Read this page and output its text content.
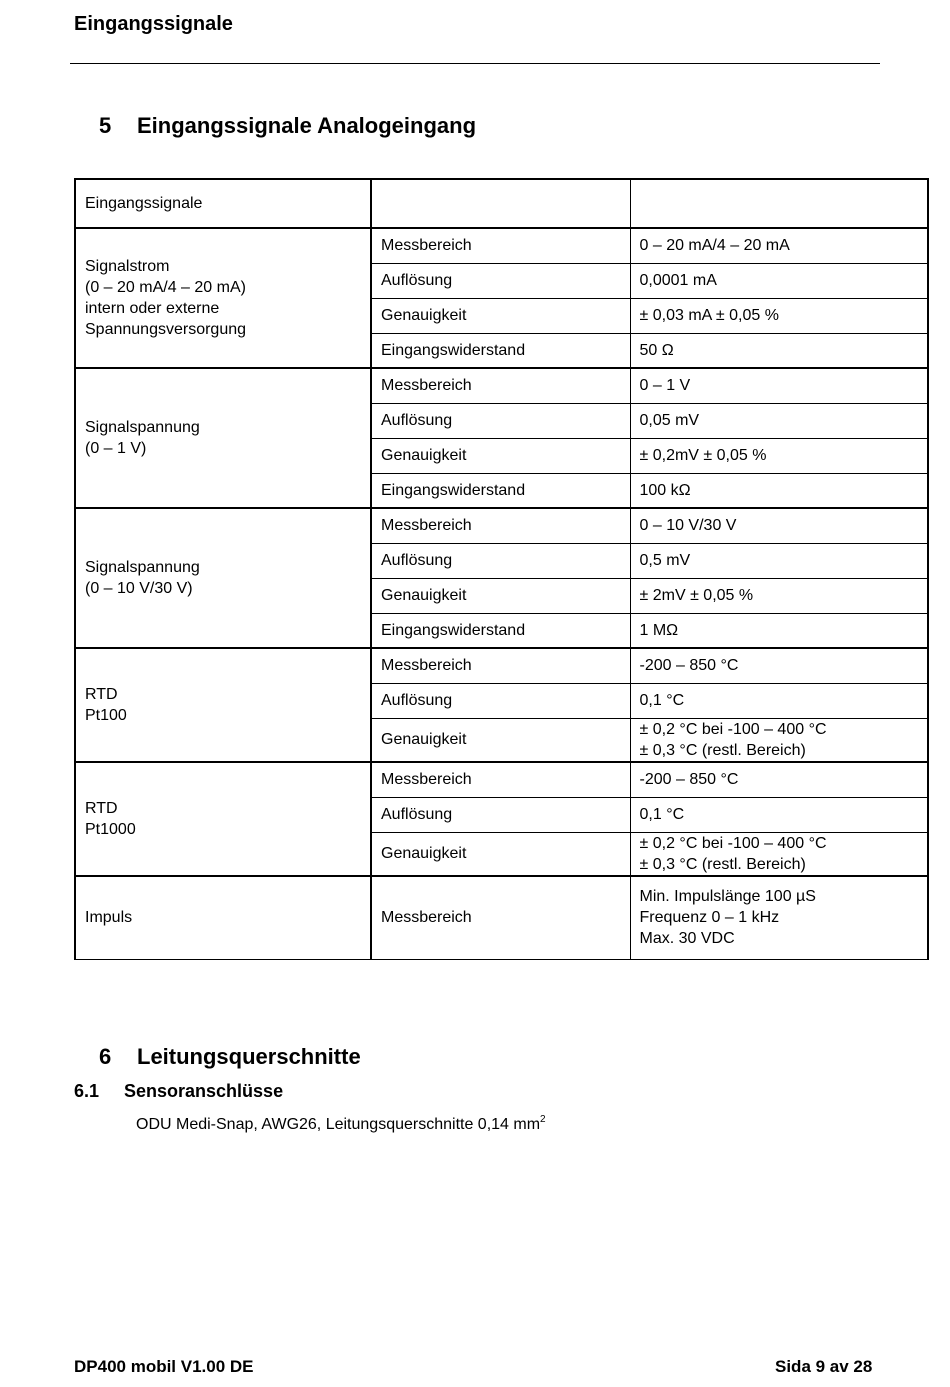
Eingangssignale
5 Eingangssignale Analogeingang
Eingangssignale		
Signalstrom
(0 – 20 mA/4 – 20 mA)
intern oder externe
Spannungsversorgung	Messbereich	0 – 20 mA/4 – 20 mA
	Auflösung	0,0001 mA
	Genauigkeit	± 0,03 mA ± 0,05 %
	Eingangswiderstand	50 Ω
Signalspannung
(0 – 1 V)	Messbereich	0 – 1 V
	Auflösung	0,05 mV
	Genauigkeit	± 0,2mV ± 0,05 %
	Eingangswiderstand	100 kΩ
Signalspannung
(0 – 10 V/30 V)	Messbereich	0 – 10 V/30 V
	Auflösung	0,5 mV
	Genauigkeit	± 2mV ± 0,05 %
	Eingangswiderstand	1 MΩ
RTD
Pt100	Messbereich	-200 – 850 °C
	Auflösung	0,1 °C
	Genauigkeit	± 0,2 °C bei -100 – 400 °C
± 0,3 °C (restl. Bereich)
RTD
Pt1000	Messbereich	-200 – 850 °C
	Auflösung	0,1 °C
	Genauigkeit	± 0,2 °C bei -100 – 400 °C
± 0,3 °C (restl. Bereich)
Impuls	Messbereich	Min. Impulslänge 100 µS
Frequenz 0 – 1 kHz
Max. 30 VDC
6 Leitungsquerschnitte
6.1 Sensoranschlüsse
ODU Medi-Snap, AWG26, Leitungsquerschnitte 0,14 $mm^2$
DP400 mobil V1.00 DE	Sida 9 av 28
